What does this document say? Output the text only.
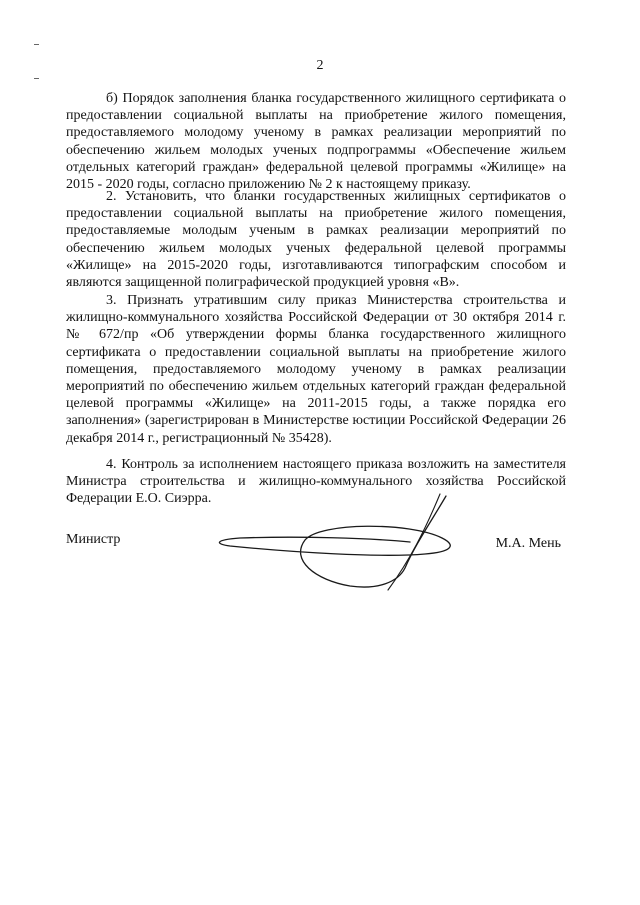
2

б) Порядок заполнения бланка государственного жилищного сертификата о предоставлении социальной выплаты на приобретение жилого помещения, предоставляемого молодому ученому в рамках реализации мероприятий по обеспечению жильем молодых ученых подпрограммы «Обеспечение жильем отдельных категорий граждан» федеральной целевой программы «Жилище» на 2015 - 2020 годы, согласно приложению № 2 к настоящему приказу.

2. Установить, что бланки государственных жилищных сертификатов о предоставлении социальной выплаты на приобретение жилого помещения, предоставляемые молодым ученым в рамках реализации мероприятий по обеспечению жильем молодых ученых федеральной целевой программы «Жилище» на 2015-2020 годы, изготавливаются типографским способом и являются защищенной полиграфической продукцией уровня «В».

3. Признать утратившим силу приказ Министерства строительства и жилищно-коммунального хозяйства Российской Федерации от 30 октября 2014 г. № 672/пр «Об утверждении формы бланка государственного жилищного сертификата о предоставлении социальной выплаты на приобретение жилого помещения, предоставляемого молодому ученому в рамках реализации мероприятий по обеспечению жильем отдельных категорий граждан федеральной целевой программы «Жилище» на 2011-2015 годы, а также порядка его заполнения» (зарегистрирован в Министерстве юстиции Российской Федерации 26 декабря 2014 г., регистрационный № 35428).

4. Контроль за исполнением настоящего приказа возложить на заместителя Министра строительства и жилищно-коммунального хозяйства Российской Федерации Е.О. Сиэрра.

Министр	М.А. Мень
